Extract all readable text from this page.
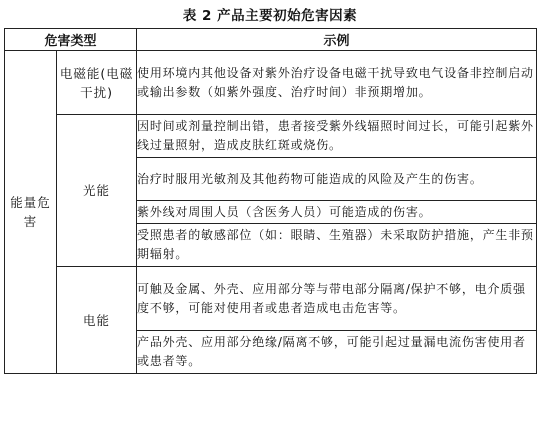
表 2 产品主要初始危害因素
危害类型		示例
能量危害	电磁能(电磁干扰)	使用环境内其他设备对紫外治疗设备电磁干扰导致电气设备非控制启动或输出参数（如紫外强度、治疗时间）非预期增加。
	光能	因时间或剂量控制出错，患者接受紫外线辐照时间过长，可能引起紫外线过量照射，造成皮肤红斑或烧伤。
		治疗时服用光敏剂及其他药物可能造成的风险及产生的伤害。
		紫外线对周围人员（含医务人员）可能造成的伤害。
		受照患者的敏感部位（如：眼睛、生殖器）未采取防护措施，产生非预期辐射。
	电能	可触及金属、外壳、应用部分等与带电部分隔离/保护不够，电介质强度不够，可能对使用者或患者造成电击危害等。
		产品外壳、应用部分绝缘/隔离不够，可能引起过量漏电流伤害使用者或患者等。
